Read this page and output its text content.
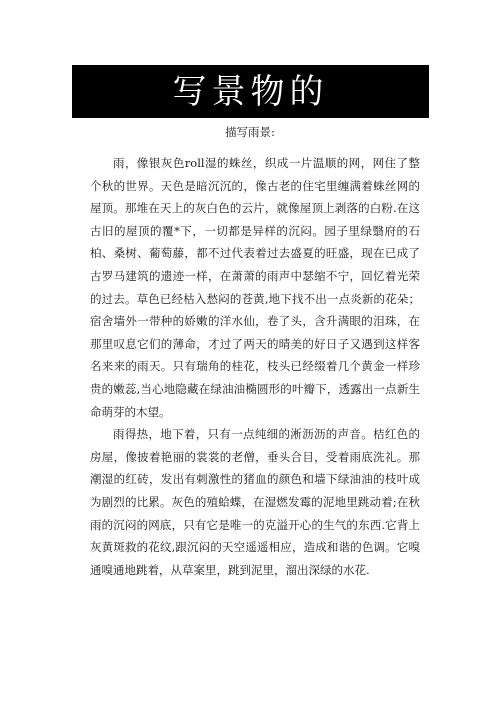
写景物的
描写雨景:

雨，像银灰色roll湿的蛛丝，织成一片温顺的网，网住了整个秋的世界。天色是暗沉沉的，像古老的住宅里缠满着蛛丝网的屋顶。那堆在天上的灰白色的云片，就像屋顶上剥落的白粉.在这古旧的屋顶的覆*下，一切都是异样的沉闷。园子里绿翳府的石柏、桑树、葡萄藤，都不过代表着过去盛夏的旺盛，现在已成了古罗马建筑的遗迹一样，在萧萧的雨声中瑟缩不宁，回忆着光荣的过去。草色已经枯入愁闷的苍黄,地下找不出一点炎新的花朵；宿舍墙外一带种的娇嫩的洋水仙，卷了头，含升满眼的泪珠，在那里叹息它们的薄命，才过了两天的晴美的好日子又遇到这样客名来来的雨天。只有瑞角的桂花，枝头已经缀着几个黄金一样珍贵的嫩蕊,当心地隐藏在绿油油椭圆形的叶瓣下，透露出一点新生命萌芽的木望。

雨得热，地下着，只有一点纯细的淅沥沥的声音。桔红色的房屋，像披着艳丽的裳裳的老僧，垂头合目，受着雨底洗礼。那潮湿的红砖，发出有刺激性的猪血的颜色和墙下绿油油的枝叶成为剧烈的比累。灰色的殖蛤蝶，在湿燃发霉的泥地里跳动着;在秋雨的沉闷的网底，只有它是唯一的克溢开心的生气的东西.它背上灰黄斑救的花纹,跟沉闷的天空遥遥相应，造成和谐的色调。它嗅通嗅通地跳着，从草案里，跳到泥里，溜出深绿的水花.
